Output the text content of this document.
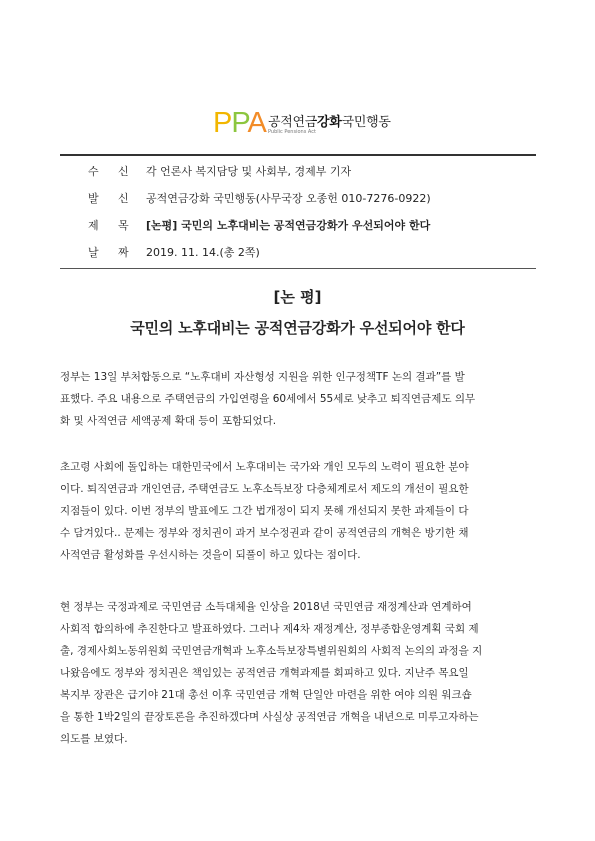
PPA 공적연금강화국민행동
Public Pensions Act
수 신 각 언론사 복지담당 및 사회부, 경제부 기자
발 신 공적연금강화 국민행동(사무국장 오종헌 010-7276-0922)
제 목 [논평] 국민의 노후대비는 공적연금강화가 우선되어야 한다
날 짜 2019. 11. 14.(총 2쪽)
[논 평]
국민의 노후대비는 공적연금강화가 우선되어야 한다
정부는 13일 부처합동으로 “노후대비 자산형성 지원을 위한 인구정책TF 논의 결과”를 발
표했다. 주요 내용으로 주택연금의 가입연령을 60세에서 55세로 낮추고 퇴직연금제도 의무
화 및 사적연금 세액공제 확대 등이 포함되었다.
초고령 사회에 돌입하는 대한민국에서 노후대비는 국가와 개인 모두의 노력이 필요한 분야
이다. 퇴직연금과 개인연금, 주택연금도 노후소득보장 다층체계로서 제도의 개선이 필요한
지점들이 있다. 이번 정부의 발표에도 그간 법개정이 되지 못해 개선되지 못한 과제들이 다
수 담겨있다.. 문제는 정부와 정치권이 과거 보수정권과 같이 공적연금의 개혁은 방기한 채
사적연금 활성화를 우선시하는 것을이 되풀이 하고 있다는 점이다.
현 정부는 국정과제로 국민연금 소득대체율 인상을 2018년 국민연금 재정계산과 연계하여
사회적 합의하에 추진한다고 발표하였다. 그러나 제4차 재정계산, 정부종합운영계획 국회 제
출, 경제사회노동위원회 국민연금개혁과 노후소득보장특별위원회의 사회적 논의의 과정을 지
나왔음에도 정부와 정치권은 책임있는 공적연금 개혁과제를 회피하고 있다. 지난주 목요일
복지부 장관은 급기야 21대 총선 이후 국민연금 개혁 단일안 마련을 위한 여야 의원 워크숍
을 통한 1박2일의 끝장토론을 추진하겠다며 사실상 공적연금 개혁을 내년으로 미루고자하는
의도를 보였다.
